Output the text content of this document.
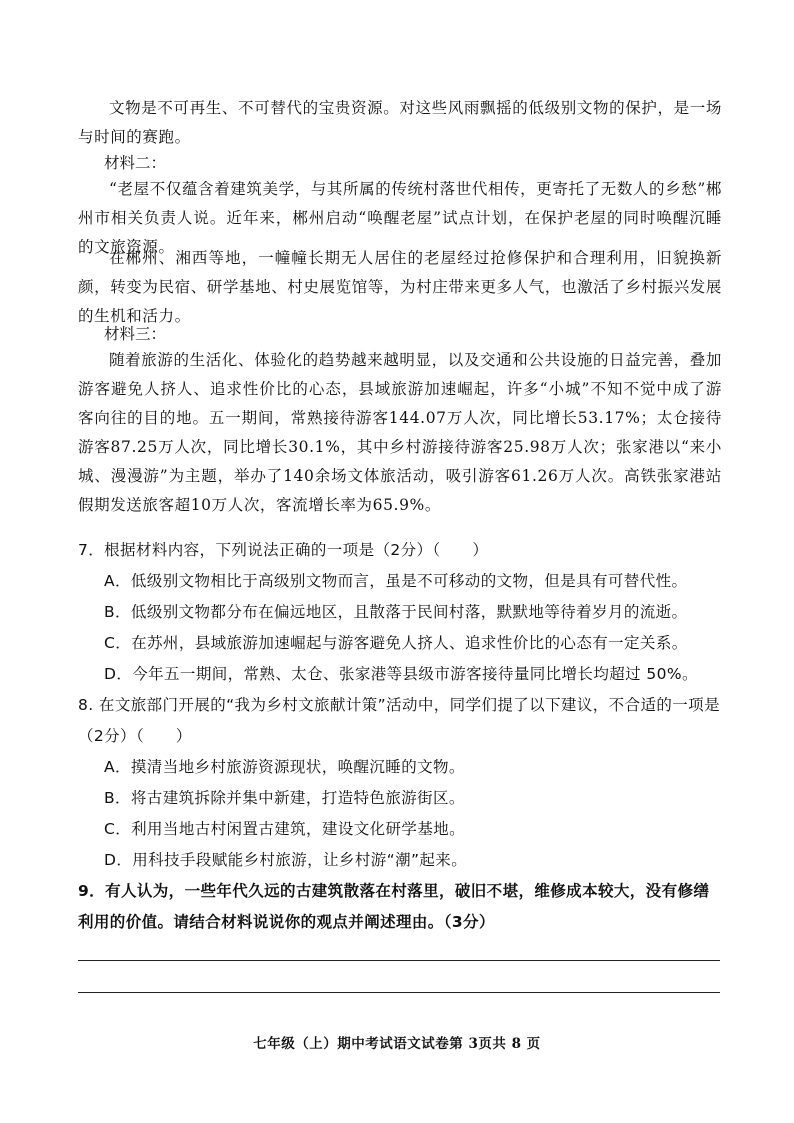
文物是不可再生、不可替代的宝贵资源。对这些风雨飘摇的低级别文物的保护，是一场与时间的赛跑。
材料二：
“老屋不仅蕴含着建筑美学，与其所属的传统村落世代相传，更寄托了无数人的乡愁”郴州市相关负责人说。近年来，郴州启动“唤醒老屋”试点计划，在保护老屋的同时唤醒沉睡的文旅资源。
在郴州、湘西等地，一幢幢长期无人居住的老屋经过抢修保护和合理利用，旧貌换新颜，转变为民宿、研学基地、村史展览馆等，为村庄带来更多人气，也激活了乡村振兴发展的生机和活力。
材料三：
随着旅游的生活化、体验化的趋势越来越明显，以及交通和公共设施的日益完善，叠加游客避免人挤人、追求性价比的心态，县域旅游加速崛起，许多“小城”不知不觉中成了游客向往的目的地。五一期间，常熟接待游客144.07万人次，同比增长53.17%；太仓接待游客87.25万人次，同比增长30.1%，其中乡村游接待游客25.98万人次；张家港以“来小城、漫漫游”为主题，举办了140余场文体旅活动，吸引游客61.26万人次。高铁张家港站假期发送旅客超10万人次，客流增长率为65.9%。
7．根据材料内容，下列说法正确的一项是（2分）（　　）
A．低级别文物相比于高级别文物而言，虽是不可移动的文物，但是具有可替代性。
B．低级别文物都分布在偏远地区，且散落于民间村落，默默地等待着岁月的流逝。
C．在苏州，县域旅游加速崛起与游客避免人挤人、追求性价比的心态有一定关系。
D．今年五一期间，常熟、太仓、张家港等县级市游客接待量同比增长均超过 50%。
8. 在文旅部门开展的“我为乡村文旅献计策”活动中，同学们提了以下建议，不合适的一项是（2分）（　　）
A．摸清当地乡村旅游资源现状，唤醒沉睡的文物。
B．将古建筑拆除并集中新建，打造特色旅游街区。
C．利用当地古村闲置古建筑，建设文化研学基地。
D．用科技手段赋能乡村旅游，让乡村游“潮”起来。
9．有人认为，一些年代久远的古建筑散落在村落里，破旧不堪，维修成本较大，没有修缮利用的价值。请结合材料说说你的观点并阐述理由。（3分）
七年级（上）期中考试语文试卷第 3页共 8 页
